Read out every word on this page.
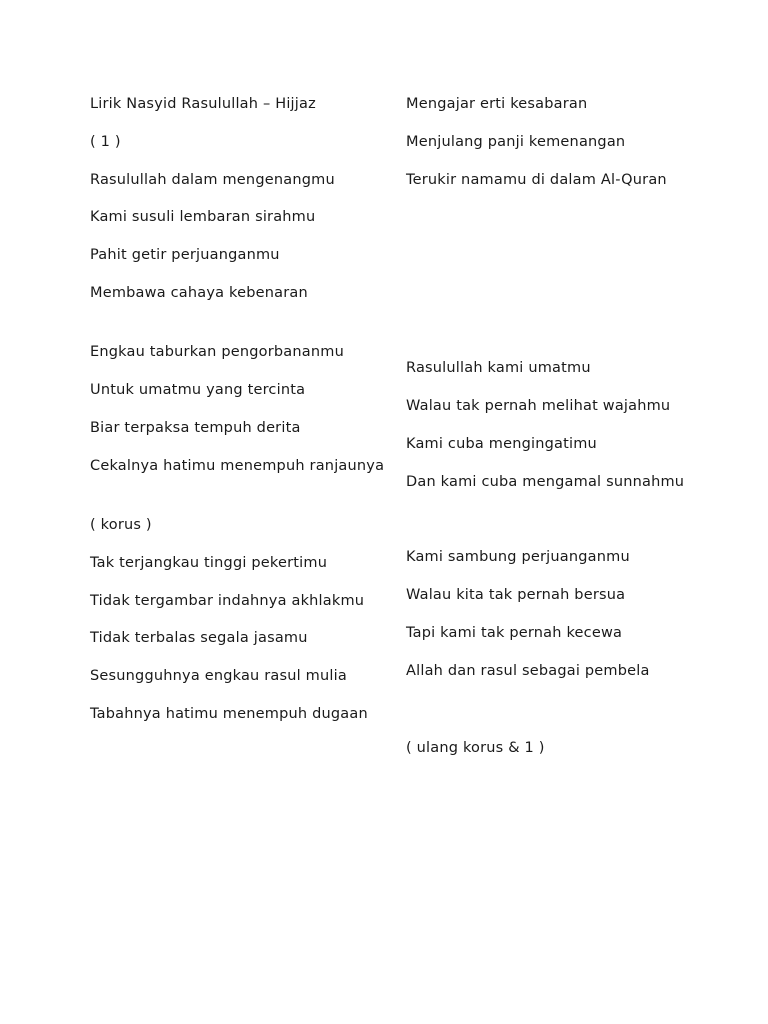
Lirik Nasyid Rasulullah – Hijjaz
( 1 )
Rasulullah dalam mengenangmu
Kami susuli lembaran sirahmu
Pahit getir perjuanganmu
Membawa cahaya kebenaran
Engkau taburkan pengorbananmu
Untuk umatmu yang tercinta
Biar terpaksa tempuh derita
Cekalnya hatimu menempuh ranjaunya
( korus )
Tak terjangkau tinggi pekertimu
Tidak tergambar indahnya akhlakmu
Tidak terbalas segala jasamu
Sesungguhnya engkau rasul mulia
Tabahnya hatimu menempuh dugaan
Mengajar erti kesabaran
Menjulang panji kemenangan
Terukir namamu di dalam Al-Quran
Rasulullah kami umatmu
Walau tak pernah melihat wajahmu
Kami cuba mengingatimu
Dan kami cuba mengamal sunnahmu
Kami sambung perjuanganmu
Walau kita tak pernah bersua
Tapi kami tak pernah kecewa
Allah dan rasul sebagai pembela
( ulang korus & 1 )
